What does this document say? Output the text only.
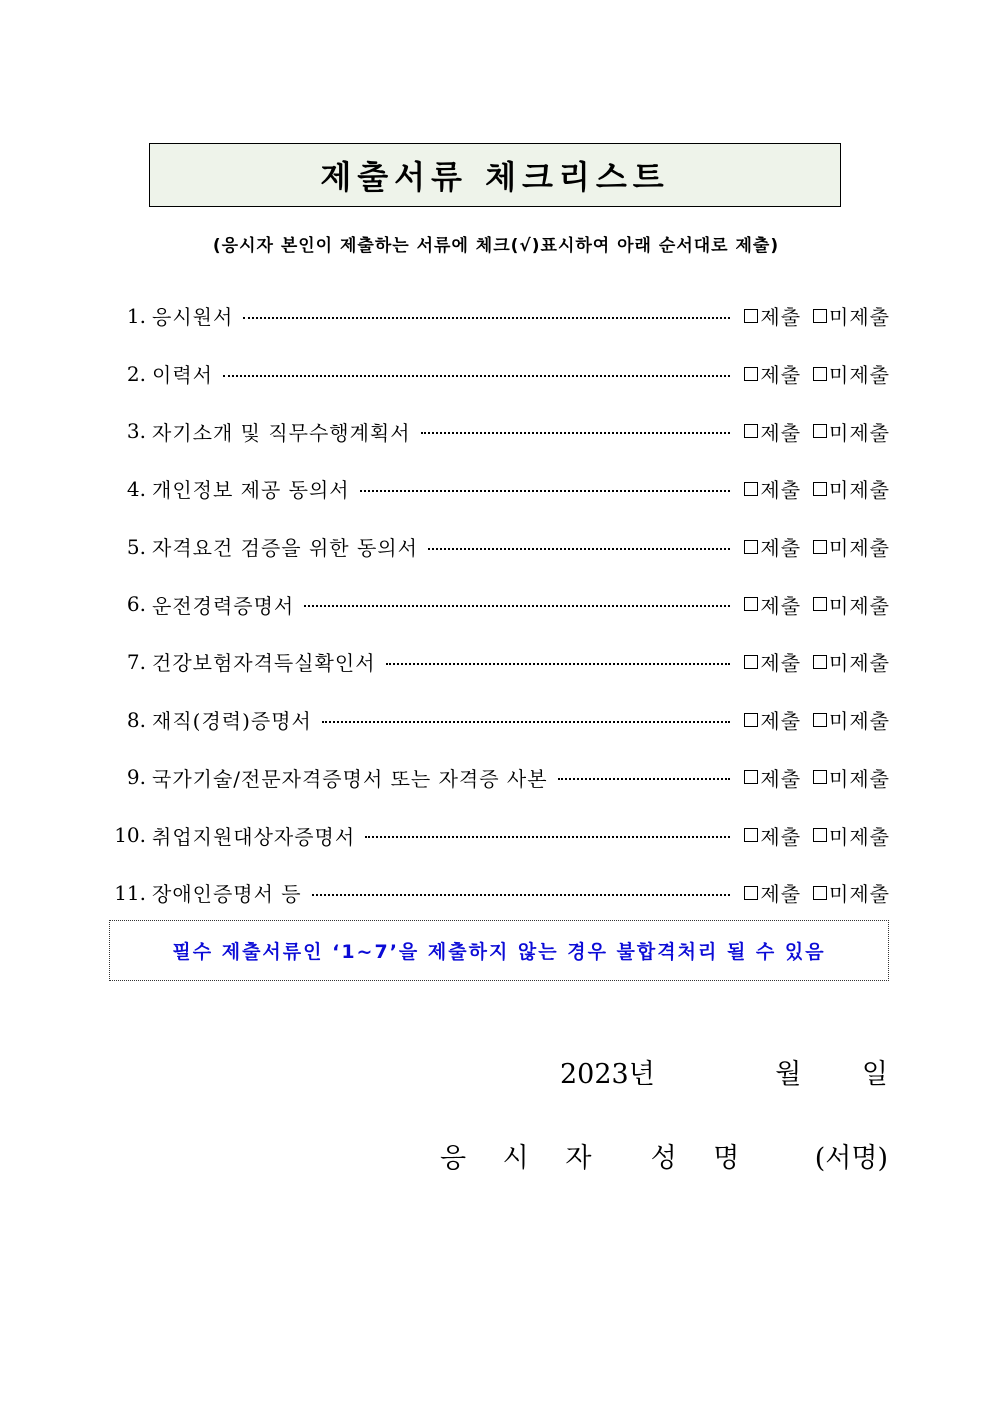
제출서류 체크리스트
(응시자 본인이 제출하는 서류에 체크(√)표시하여 아래 순서대로 제출)
1. 응시원서	제출 미제출
2. 이력서	제출 미제출
3. 자기소개 및 직무수행계획서	제출 미제출
4. 개인정보 제공 동의서	제출 미제출
5. 자격요건 검증을 위한 동의서	제출 미제출
6. 운전경력증명서	제출 미제출
7. 건강보험자격득실확인서	제출 미제출
8. 재직(경력)증명서	제출 미제출
9. 국가기술/전문자격증명서 또는 자격증 사본	제출 미제출
10. 취업지원대상자증명서	제출 미제출
11. 장애인증명서 등	제출 미제출
필수 제출서류인 ‘1~7’을 제출하지 않는 경우 불합격처리 될 수 있음
2023년	월 일
응 시 자  성 명 (서명)
